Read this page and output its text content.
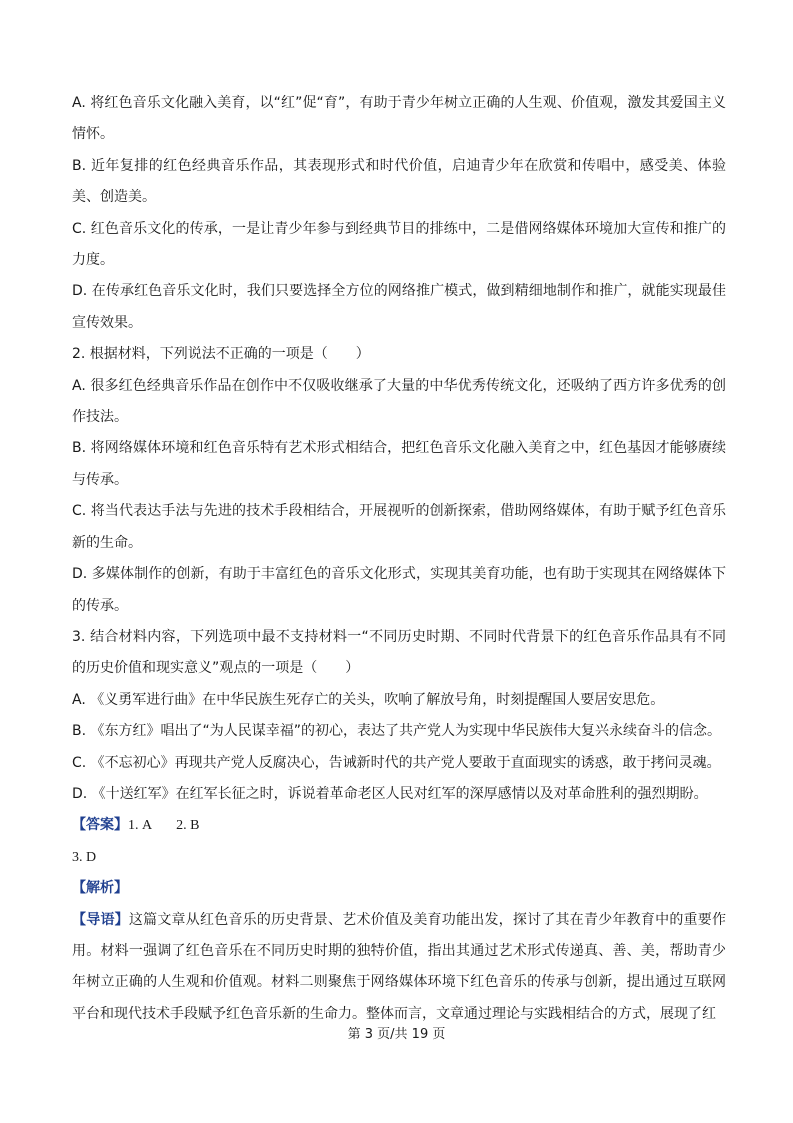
A. 将红色音乐文化融入美育，以“红”促“育”，有助于青少年树立正确的人生观、价值观，激发其爱国主义情怀。

B. 近年复排的红色经典音乐作品，其表现形式和时代价值，启迪青少年在欣赏和传唱中，感受美、体验美、创造美。

C. 红色音乐文化的传承，一是让青少年参与到经典节目的排练中，二是借网络媒体环境加大宣传和推广的力度。

D. 在传承红色音乐文化时，我们只要选择全方位的网络推广模式，做到精细地制作和推广，就能实现最佳宣传效果。

2. 根据材料，下列说法不正确的一项是（　　）

A. 很多红色经典音乐作品在创作中不仅吸收继承了大量的中华优秀传统文化，还吸纳了西方许多优秀的创作技法。

B. 将网络媒体环境和红色音乐特有艺术形式相结合，把红色音乐文化融入美育之中，红色基因才能够赓续与传承。

C. 将当代表达手法与先进的技术手段相结合，开展视听的创新探索，借助网络媒体，有助于赋予红色音乐新的生命。

D. 多媒体制作的创新，有助于丰富红色的音乐文化形式，实现其美育功能，也有助于实现其在网络媒体下的传承。

3. 结合材料内容，下列选项中最不支持材料一“不同历史时期、不同时代背景下的红色音乐作品具有不同的历史价值和现实意义”观点的一项是（　　）

A. 《义勇军进行曲》在中华民族生死存亡的关头，吹响了解放号角，时刻提醒国人要居安思危。

B. 《东方红》唱出了“为人民谋幸福”的初心，表达了共产党人为实现中华民族伟大复兴永续奋斗的信念。

C. 《不忘初心》再现共产党人反腐决心，告诫新时代的共产党人要敢于直面现实的诱惑，敢于拷问灵魂。

D. 《十送红军》在红军长征之时，诉说着革命老区人民对红军的深厚感情以及对革命胜利的强烈期盼。

【答案】1. A 2. B

3. D

【解析】

【导语】这篇文章从红色音乐的历史背景、艺术价值及美育功能出发，探讨了其在青少年教育中的重要作用。材料一强调了红色音乐在不同历史时期的独特价值，指出其通过艺术形式传递真、善、美，帮助青少年树立正确的人生观和价值观。材料二则聚焦于网络媒体环境下红色音乐的传承与创新，提出通过互联网平台和现代技术手段赋予红色音乐新的生命力。整体而言，文章通过理论与实践相结合的方式，展现了红

第 3 页/共 19 页
